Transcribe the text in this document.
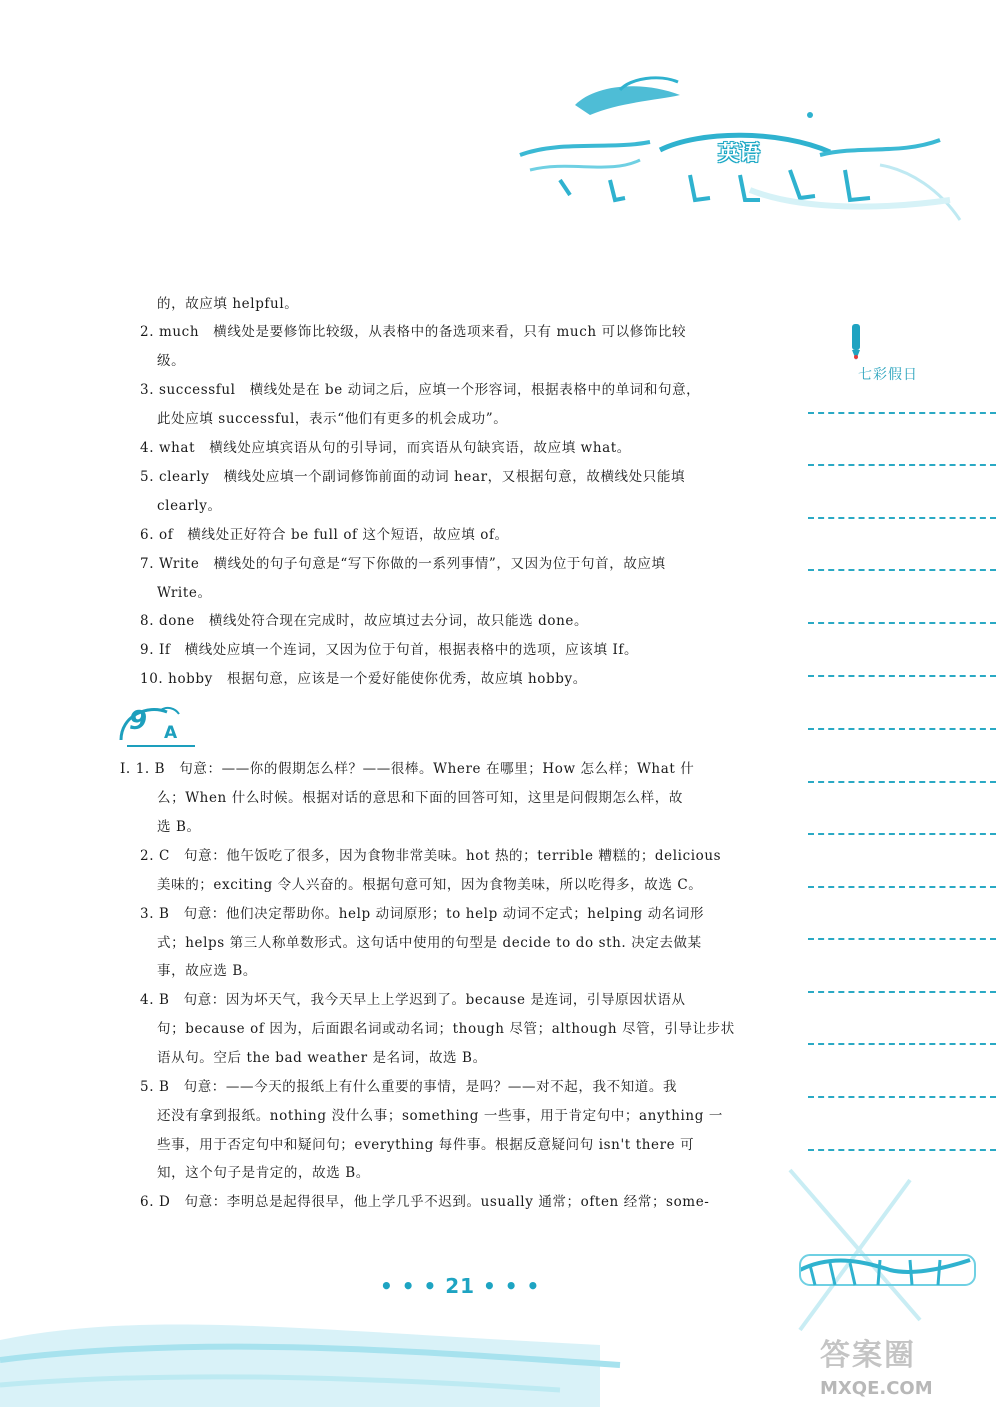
英语
七彩假日
的，故应填 helpful。
2. much　横线处是要修饰比较级，从表格中的备选项来看，只有 much 可以修饰比较
级。
3. successful　横线处是在 be 动词之后，应填一个形容词，根据表格中的单词和句意，
此处应填 successful，表示“他们有更多的机会成功”。
4. what　横线处应填宾语从句的引导词，而宾语从句缺宾语，故应填 what。
5. clearly　横线处应填一个副词修饰前面的动词 hear，又根据句意，故横线处只能填
clearly。
6. of　横线处正好符合 be full of 这个短语，故应填 of。
7. Write　横线处的句子句意是“写下你做的一系列事情”，又因为位于句首，故应填
Write。
8. done　横线处符合现在完成时，故应填过去分词，故只能选 done。
9. If　横线处应填一个连词，又因为位于句首，根据表格中的选项，应该填 If。
10. hobby　根据句意，应该是一个爱好能使你优秀，故应填 hobby。
9 A
Ⅰ. 1. B　句意：——你的假期怎么样？——很棒。Where 在哪里；How 怎么样；What 什
么；When 什么时候。根据对话的意思和下面的回答可知，这里是问假期怎么样，故
选 B。
2. C　句意：他午饭吃了很多，因为食物非常美味。hot 热的；terrible 糟糕的；delicious
美味的；exciting 令人兴奋的。根据句意可知，因为食物美味，所以吃得多，故选 C。
3. B　句意：他们决定帮助你。help 动词原形；to help 动词不定式；helping 动名词形
式；helps 第三人称单数形式。这句话中使用的句型是 decide to do sth. 决定去做某
事，故应选 B。
4. B　句意：因为坏天气，我今天早上上学迟到了。because 是连词，引导原因状语从
句；because of 因为，后面跟名词或动名词；though 尽管；although 尽管，引导让步状
语从句。空后 the bad weather 是名词，故选 B。
5. B　句意：——今天的报纸上有什么重要的事情，是吗？——对不起，我不知道。我
还没有拿到报纸。nothing 没什么事；something 一些事，用于肯定句中；anything 一
些事，用于否定句中和疑问句；everything 每件事。根据反意疑问句 isn't there 可
知，这个句子是肯定的，故选 B。
6. D　句意：李明总是起得很早，他上学几乎不迟到。usually 通常；often 经常；some-
• • • 21 • • •
答案圈
MXQE.COM
